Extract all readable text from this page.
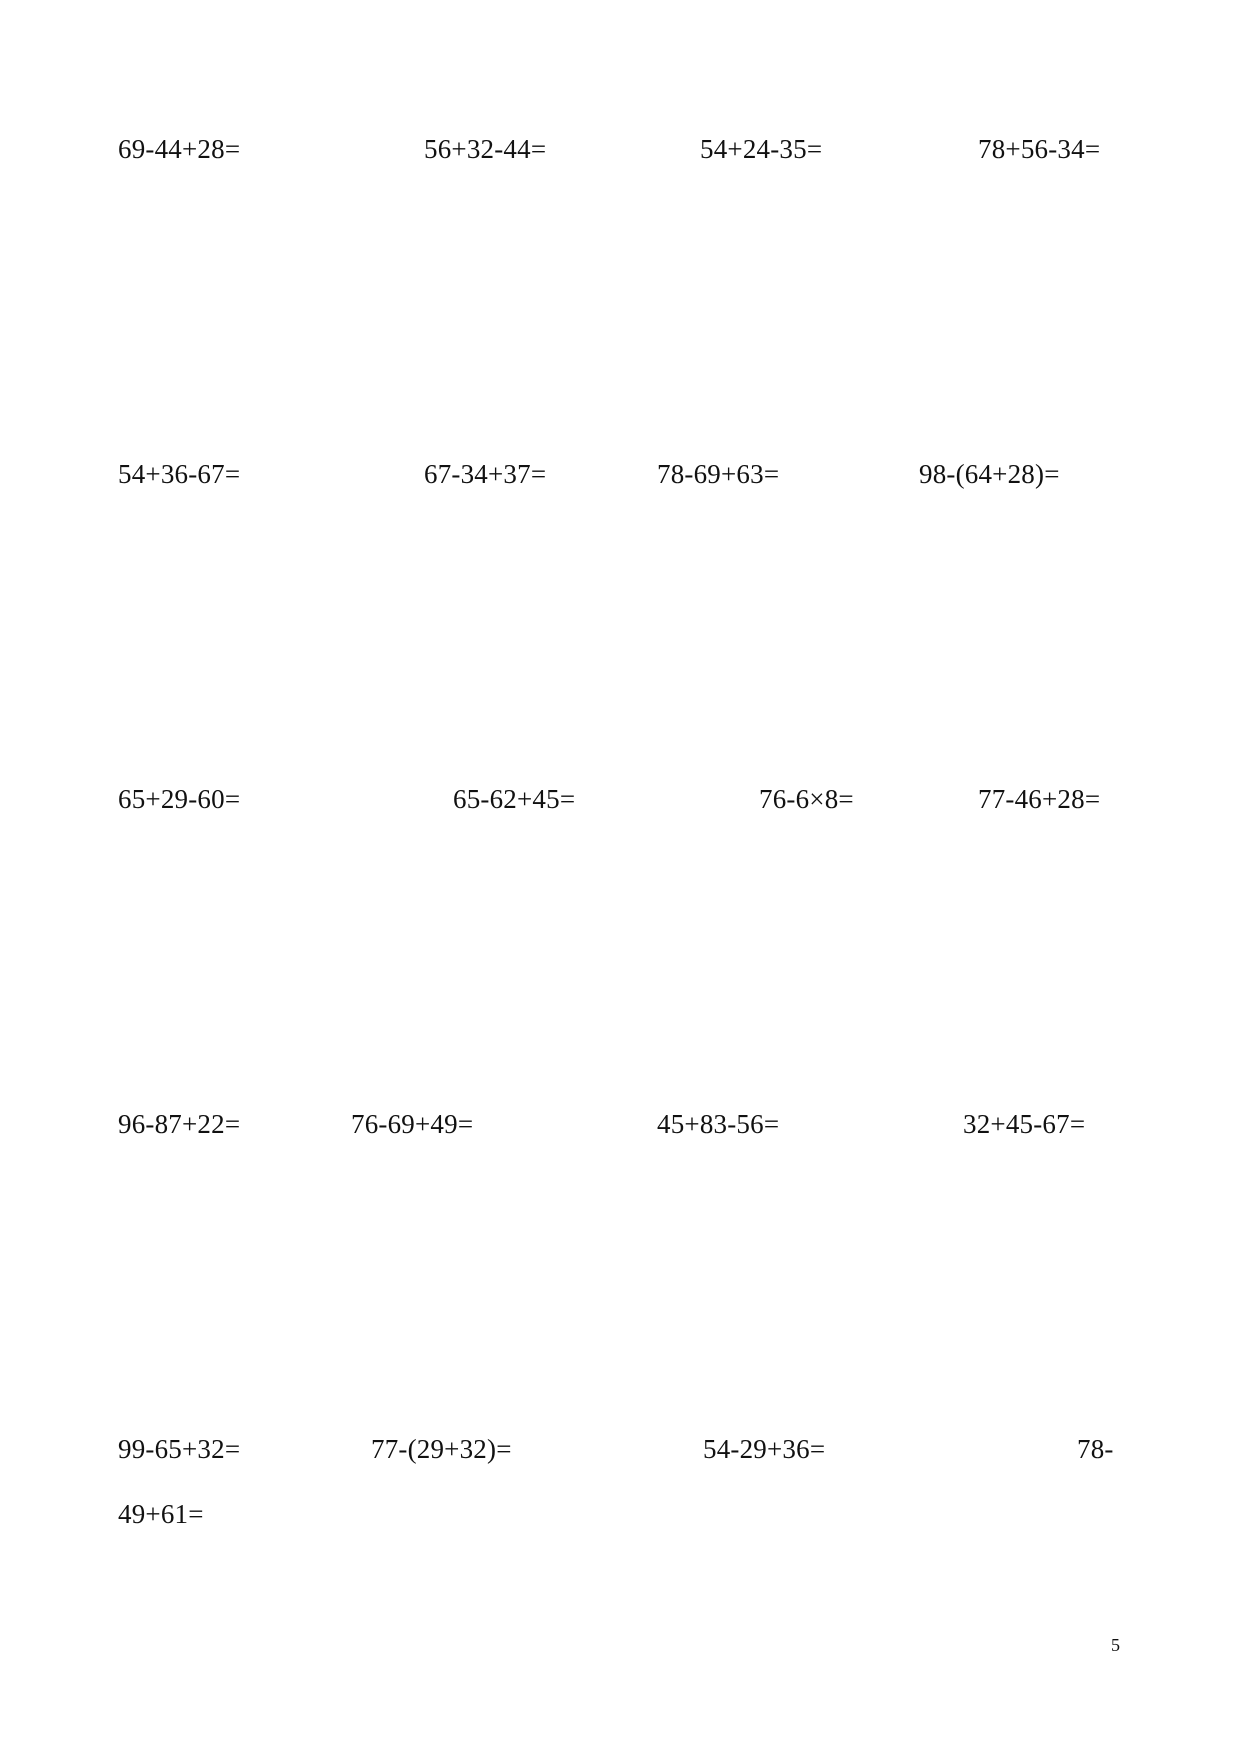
69-44+28=	56+32-44=	54+24-35=	78+56-34=
54+36-67=	67-34+37=	78-69+63=	98-(64+28)=
65+29-60=	65-62+45=	76-6×8=	77-46+28=
96-87+22=	76-69+49=	45+83-56=	32+45-67=
99-65+32=	77-(29+32)=	54-29+36=	78-
49+61=
5
